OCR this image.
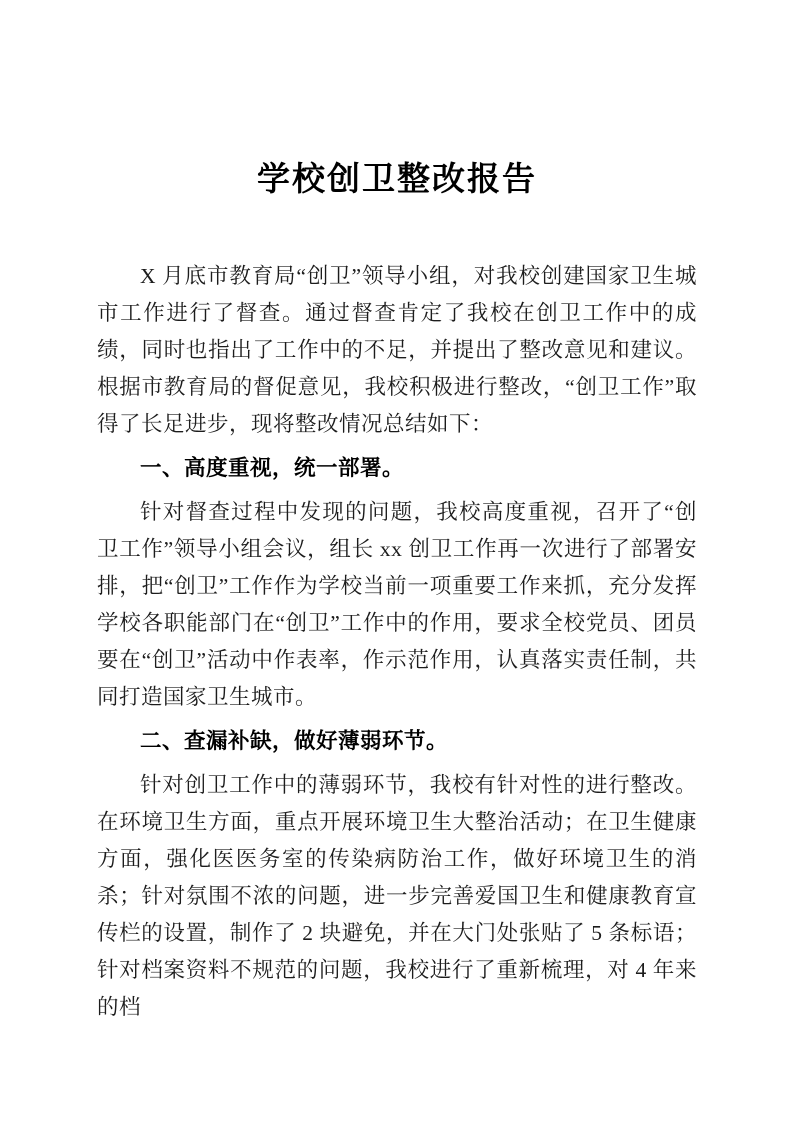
学校创卫整改报告

X 月底市教育局“创卫”领导小组，对我校创建国家卫生城市工作进行了督查。通过督查肯定了我校在创卫工作中的成绩，同时也指出了工作中的不足，并提出了整改意见和建议。根据市教育局的督促意见，我校积极进行整改，“创卫工作”取得了长足进步，现将整改情况总结如下：

一、高度重视，统一部署。

针对督查过程中发现的问题，我校高度重视，召开了“创卫工作”领导小组会议，组长 xx 创卫工作再一次进行了部署安排，把“创卫”工作作为学校当前一项重要工作来抓，充分发挥学校各职能部门在“创卫”工作中的作用，要求全校党员、团员要在“创卫”活动中作表率，作示范作用，认真落实责任制，共同打造国家卫生城市。

二、查漏补缺，做好薄弱环节。

针对创卫工作中的薄弱环节，我校有针对性的进行整改。在环境卫生方面，重点开展环境卫生大整治活动；在卫生健康方面，强化医医务室的传染病防治工作，做好环境卫生的消杀；针对氛围不浓的问题，进一步完善爱国卫生和健康教育宣传栏的设置，制作了 2 块避免，并在大门处张贴了 5 条标语；针对档案资料不规范的问题，我校进行了重新梳理，对 4 年来的档
